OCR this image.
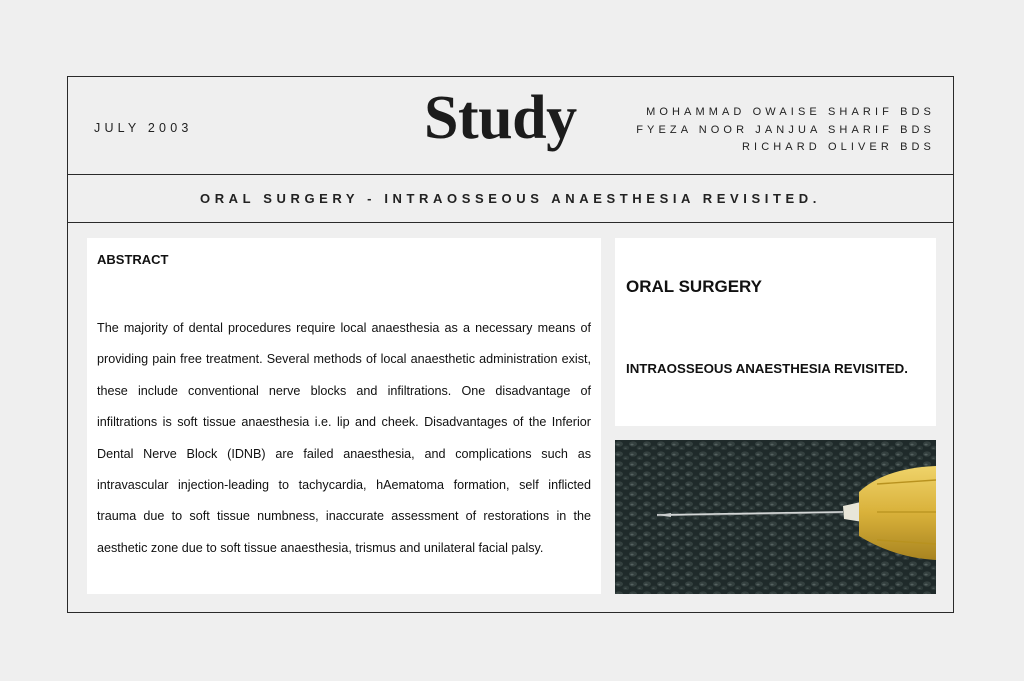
JULY 2003	Study	MOHAMMAD OWAISE SHARIF BDS
FYEZA NOOR JANJUA SHARIF BDS
RICHARD OLIVER BDS
ORAL SURGERY - INTRAOSSEOUS ANAESTHESIA REVISITED.
ABSTRACT
The majority of dental procedures require local anaesthesia as a necessary means of providing pain free treatment. Several methods of local anaesthetic administration exist, these include conventional nerve blocks and infiltrations. One disadvantage of infiltrations is soft tissue anaesthesia i.e. lip and cheek. Disadvantages of the Inferior Dental Nerve Block (IDNB) are failed anaesthesia, and complications such as intravascular injection-leading to tachycardia, hAematoma formation, self inflicted trauma due to soft tissue numbness, inaccurate assessment of restorations in the aesthetic zone due to soft tissue anaesthesia, trismus and unilateral facial palsy.
ORAL SURGERY
INTRAOSSEOUS ANAESTHESIA REVISITED.
